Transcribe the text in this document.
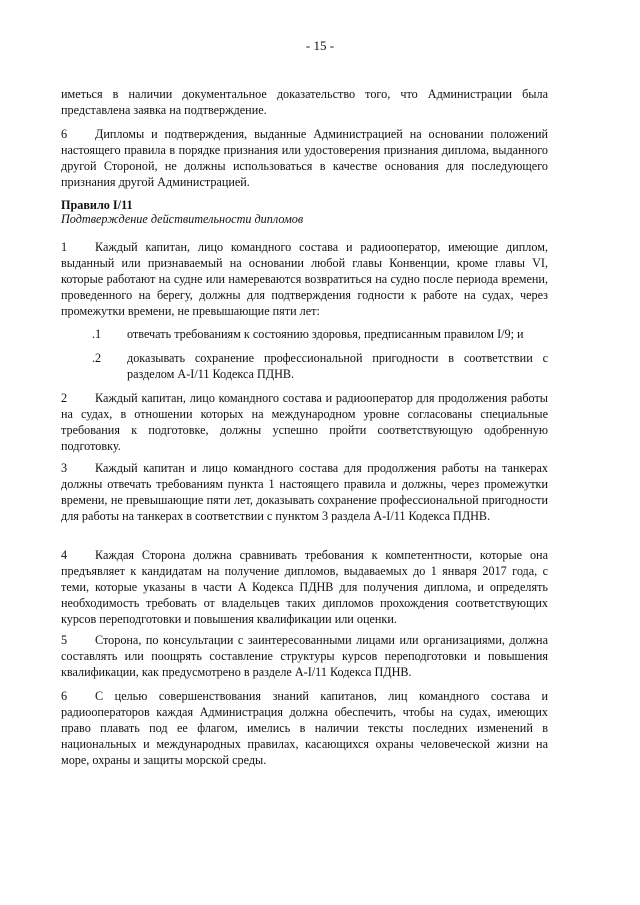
- 15 -

иметься в наличии документальное доказательство того, что Администрации была представлена заявка на подтверждение.

6 Дипломы и подтверждения, выданные Администрацией на основании положений настоящего правила в порядке признания или удостоверения признания диплома, выданного другой Стороной, не должны использоваться в качестве основания для последующего признания другой Администрацией.

Правило I/11

Подтверждение действительности дипломов

1 Каждый капитан, лицо командного состава и радиооператор, имеющие диплом, выданный или признаваемый на основании любой главы Конвенции, кроме главы VI, которые работают на судне или намереваются возвратиться на судно после периода времени, проведенного на берегу, должны для подтверждения годности к работе на судах, через промежутки времени, не превышающие пяти лет:

.1 отвечать требованиям к состоянию здоровья, предписанным правилом I/9; и
.2 доказывать сохранение профессиональной пригодности в соответствии с разделом A-I/11 Кодекса ПДНВ.

2 Каждый капитан, лицо командного состава и радиооператор для продолжения работы на судах, в отношении которых на международном уровне согласованы специальные требования к подготовке, должны успешно пройти соответствующую одобренную подготовку.

3 Каждый капитан и лицо командного состава для продолжения работы на танкерах должны отвечать требованиям пункта 1 настоящего правила и должны, через промежутки времени, не превышающие пяти лет, доказывать сохранение профессиональной пригодности для работы на танкерах в соответствии с пунктом 3 раздела A-I/11 Кодекса ПДНВ.

4 Каждая Сторона должна сравнивать требования к компетентности, которые она предъявляет к кандидатам на получение дипломов, выдаваемых до 1 января 2017 года, с теми, которые указаны в части A Кодекса ПДНВ для получения диплома, и определять необходимость требовать от владельцев таких дипломов прохождения соответствующих курсов переподготовки и повышения квалификации или оценки.

5 Сторона, по консультации с заинтересованными лицами или организациями, должна составлять или поощрять составление структуры курсов переподготовки и повышения квалификации, как предусмотрено в разделе A-I/11 Кодекса ПДНВ.

6 С целью совершенствования знаний капитанов, лиц командного состава и радиооператоров каждая Администрация должна обеспечить, чтобы на судах, имеющих право плавать под ее флагом, имелись в наличии тексты последних изменений в национальных и международных правилах, касающихся охраны человеческой жизни на море, охраны и защиты морской среды.
